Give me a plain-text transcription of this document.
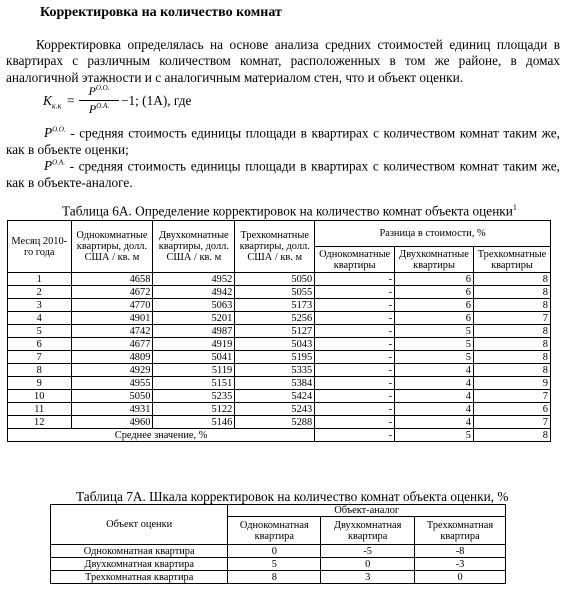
Корректировка на количество комнат
Корректировка определялась на основе анализа средних стоимостей единиц площади в квартирах с различным количеством комнат, расположенных в том же районе, в домах аналогичной этажности и с аналогичным материалом стен, что и объект оценки.
$K_{к.к}$ =
$P^{О.О.}$
$P^{О.А.} -1$; (1А), где
$P^{О.О.}$ - средняя стоимость единицы площади в квартирах с количеством комнат таким же, как в объекте оценки;
$P^{О.А.}$ - средняя стоимость единицы площади в квартирах с количеством комнат таким же, как в объекте-аналоге.
Таблица 6А. Определение корректировок на количество комнат объекта оценки$^1$
Месяц 2010-го года	Однокомнатные квартиры, долл. США / кв. м	Двухкомнатные квартиры, долл. США / кв. м	Трехкомнатные квартиры, долл. США / кв. м	Разница в стоимости, %		
				Однокомнатные квартиры	Двухкомнатные квартиры	Трехкомнатные квартиры
1	4658	4952	5050	-	6	8
2	4672	4942	5055	-	6	8
3	4770	5063	5173	-	6	8
4	4901	5201	5256	-	6	7
5	4742	4987	5127	-	5	8
6	4677	4919	5043	-	5	8
7	4809	5041	5195	-	5	8
8	4929	5119	5335	-	4	8
9	4955	5151	5384	-	4	9
10	5050	5235	5424	-	4	7
11	4931	5122	5243	-	4	6
12	4960	5146	5288	-	4	7
Среднее значение, %				-	5	8
Таблица 7А. Шкала корректировок на количество комнат объекта оценки, %
Объект оценки	Объект-аналог		
	Однокомнатная квартира	Двухкомнатная квартира	Трехкомнатная квартира
Однокомнатная квартира	0	-5	-8
Двухкомнатная квартира	5	0	-3
Трехкомнатная квартира	8	3	0
